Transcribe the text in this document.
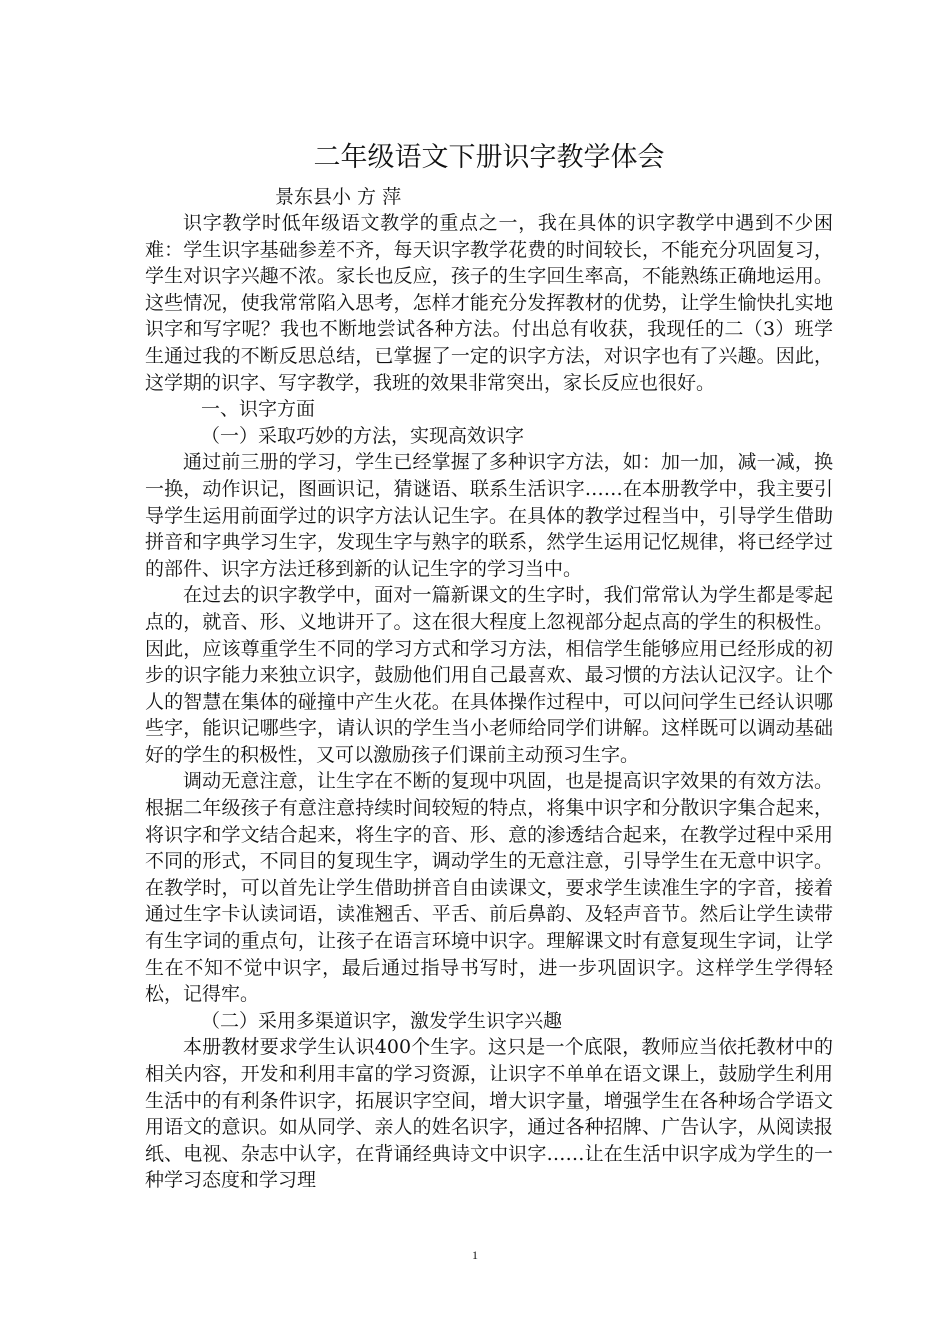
二年级语文下册识字教学体会

景东县小 方 萍

识字教学时低年级语文教学的重点之一，我在具体的识字教学中遇到不少困难：学生识字基础参差不齐，每天识字教学花费的时间较长，不能充分巩固复习，学生对识字兴趣不浓。家长也反应，孩子的生字回生率高，不能熟练正确地运用。这些情况，使我常常陷入思考，怎样才能充分发挥教材的优势，让学生愉快扎实地识字和写字呢？我也不断地尝试各种方法。付出总有收获，我现任的二（3）班学生通过我的不断反思总结，已掌握了一定的识字方法，对识字也有了兴趣。因此，这学期的识字、写字教学，我班的效果非常突出，家长反应也很好。

一、识字方面

（一）采取巧妙的方法，实现高效识字

通过前三册的学习，学生已经掌握了多种识字方法，如：加一加，减一减，换一换，动作识记，图画识记，猜谜语、联系生活识字……在本册教学中，我主要引导学生运用前面学过的识字方法认记生字。在具体的教学过程当中，引导学生借助拼音和字典学习生字，发现生字与熟字的联系，然学生运用记忆规律，将已经学过的部件、识字方法迁移到新的认记生字的学习当中。

在过去的识字教学中，面对一篇新课文的生字时，我们常常认为学生都是零起点的，就音、形、义地讲开了。这在很大程度上忽视部分起点高的学生的积极性。因此，应该尊重学生不同的学习方式和学习方法，相信学生能够应用已经形成的初步的识字能力来独立识字，鼓励他们用自己最喜欢、最习惯的方法认记汉字。让个人的智慧在集体的碰撞中产生火花。在具体操作过程中，可以问问学生已经认识哪些字，能识记哪些字，请认识的学生当小老师给同学们讲解。这样既可以调动基础好的学生的积极性，又可以激励孩子们课前主动预习生字。

调动无意注意，让生字在不断的复现中巩固，也是提高识字效果的有效方法。根据二年级孩子有意注意持续时间较短的特点，将集中识字和分散识字集合起来，将识字和学文结合起来，将生字的音、形、意的渗透结合起来，在教学过程中采用不同的形式，不同目的复现生字，调动学生的无意注意，引导学生在无意中识字。在教学时，可以首先让学生借助拼音自由读课文，要求学生读准生字的字音，接着通过生字卡认读词语，读准翘舌、平舌、前后鼻韵、及轻声音节。然后让学生读带有生字词的重点句，让孩子在语言环境中识字。理解课文时有意复现生字词，让学生在不知不觉中识字，最后通过指导书写时，进一步巩固识字。这样学生学得轻松，记得牢。

（二）采用多渠道识字，激发学生识字兴趣

本册教材要求学生认识400个生字。这只是一个底限，教师应当依托教材中的相关内容，开发和利用丰富的学习资源，让识字不单单在语文课上，鼓励学生利用生活中的有利条件识字，拓展识字空间，增大识字量，增强学生在各种场合学语文用语文的意识。如从同学、亲人的姓名识字，通过各种招牌、广告认字，从阅读报纸、电视、杂志中认字，在背诵经典诗文中识字……让在生活中识字成为学生的一种学习态度和学习理

1
